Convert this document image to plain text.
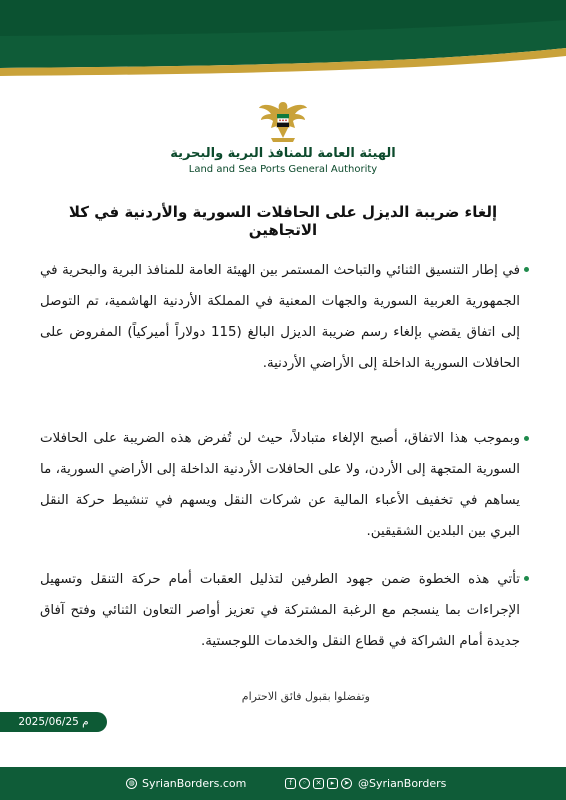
الهيئة العامة للمنافذ البرية والبحرية
Land and Sea Ports General Authority
إلغاء ضريبة الديزل على الحافلات السورية والأردنية في كلا الاتجاهين
في إطار التنسيق الثنائي والتباحث المستمر بين الهيئة العامة للمنافذ البرية والبحرية في الجمهورية العربية السورية والجهات المعنية في المملكة الأردنية الهاشمية، تم التوصل إلى اتفاق يقضي بإلغاء رسم ضريبة الديزل البالغ (115 دولاراً أميركياً) المفروض على الحافلات السورية الداخلة إلى الأراضي الأردنية.
وبموجب هذا الاتفاق، أصبح الإلغاء متبادلاً، حيث لن تُفرض هذه الضريبة على الحافلات السورية المتجهة إلى الأردن، ولا على الحافلات الأردنية الداخلة إلى الأراضي السورية، ما يساهم في تخفيف الأعباء المالية عن شركات النقل ويسهم في تنشيط حركة النقل البري بين البلدين الشقيقين.
تأتي هذه الخطوة ضمن جهود الطرفين لتذليل العقبات أمام حركة التنقل وتسهيل الإجراءات بما ينسجم مع الرغبة المشتركة في تعزيز أواصر التعاون الثنائي وفتح آفاق جديدة أمام الشراكة في قطاع النقل والخدمات اللوجستية.
وتفضلوا بقبول فائق الاحترام
2025/06/25 م
◍ SyrianBorders.com	f	◦	✕	▸	➤ @SyrianBorders
